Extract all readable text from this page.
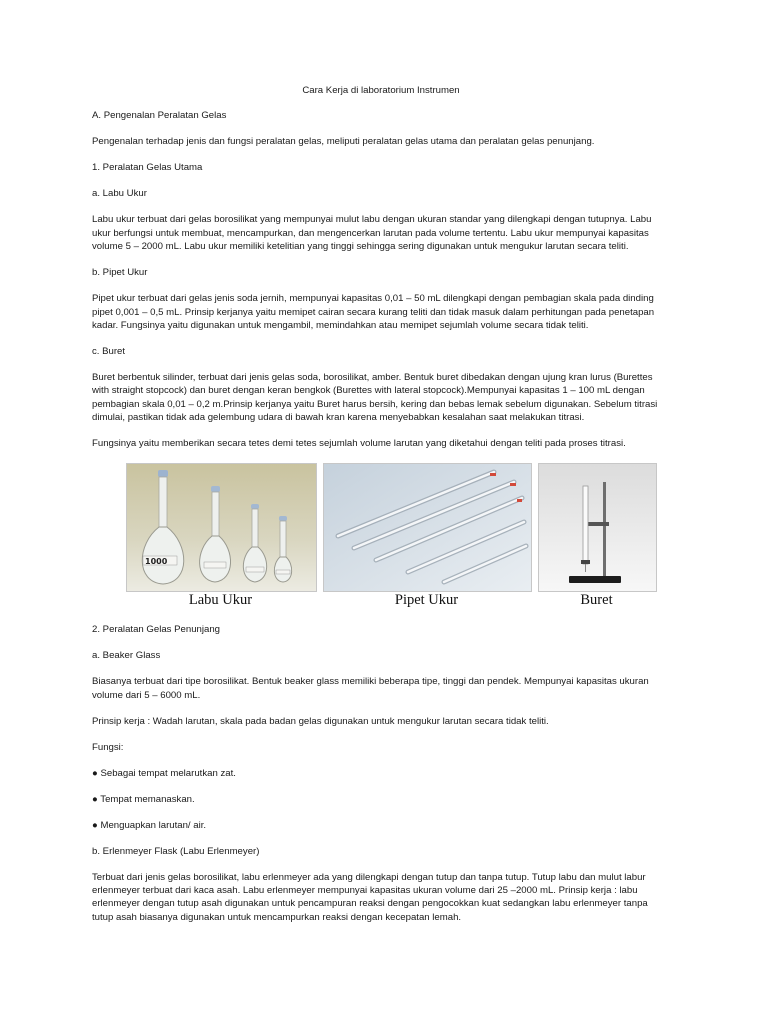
Cara Kerja di laboratorium Instrumen
A. Pengenalan Peralatan Gelas
Pengenalan terhadap jenis dan fungsi peralatan gelas, meliputi peralatan gelas utama dan peralatan gelas penunjang.
1. Peralatan Gelas Utama
a. Labu Ukur
Labu ukur terbuat dari gelas borosilikat yang mempunyai mulut labu dengan ukuran standar yang dilengkapi dengan tutupnya. Labu ukur berfungsi untuk membuat, mencampurkan, dan mengencerkan larutan pada volume tertentu. Labu ukur mempunyai kapasitas volume 5 – 2000 mL. Labu ukur memiliki ketelitian yang tinggi sehingga sering digunakan untuk mengukur larutan secara teliti.
b. Pipet Ukur
Pipet ukur terbuat dari gelas jenis soda jernih, mempunyai kapasitas 0,01 – 50 mL dilengkapi dengan pembagian skala pada dinding pipet 0,001 – 0,5 mL. Prinsip kerjanya yaitu memipet cairan secara kurang teliti dan tidak masuk dalam perhitungan pada penetapan kadar. Fungsinya yaitu digunakan untuk mengambil, memindahkan atau memipet sejumlah volume secara tidak teliti.
c. Buret
Buret berbentuk silinder, terbuat dari jenis gelas soda, borosilikat, amber. Bentuk buret dibedakan dengan ujung kran lurus (Burettes with straight stopcock) dan buret dengan keran bengkok (Burettes with lateral stopcock).Mempunyai kapasitas 1 – 100 mL dengan pembagian skala 0,01 – 0,2 m.Prinsip kerjanya yaitu Buret harus bersih, kering dan bebas lemak sebelum digunakan. Sebelum titrasi dimulai, pastikan tidak ada gelembung udara di bawah kran karena menyebabkan kesalahan saat melakukan titrasi.
Fungsinya yaitu memberikan secara tetes demi tetes sejumlah volume larutan yang diketahui dengan teliti pada proses titrasi.
1000
Labu Ukur	Pipet Ukur	Buret
2. Peralatan Gelas Penunjang
a. Beaker Glass
Biasanya terbuat dari tipe borosilikat. Bentuk beaker glass memiliki beberapa tipe, tinggi dan pendek. Mempunyai kapasitas ukuran volume dari 5 – 6000 mL.
Prinsip kerja : Wadah larutan, skala pada badan gelas digunakan untuk mengukur larutan secara tidak teliti.
Fungsi:
● Sebagai tempat melarutkan zat.
● Tempat memanaskan.
● Menguapkan larutan/ air.
b. Erlenmeyer Flask (Labu Erlenmeyer)
Terbuat dari jenis gelas borosilikat, labu erlenmeyer ada yang dilengkapi dengan tutup dan tanpa tutup. Tutup labu dan mulut labur erlenmeyer terbuat dari kaca asah. Labu erlenmeyer mempunyai kapasitas ukuran volume dari 25 –2000 mL. Prinsip kerja : labu erlenmeyer dengan tutup asah digunakan untuk pencampuran reaksi dengan pengocokkan kuat sedangkan labu erlenmeyer tanpa tutup asah biasanya digunakan untuk mencampurkan reaksi dengan kecepatan lemah.
